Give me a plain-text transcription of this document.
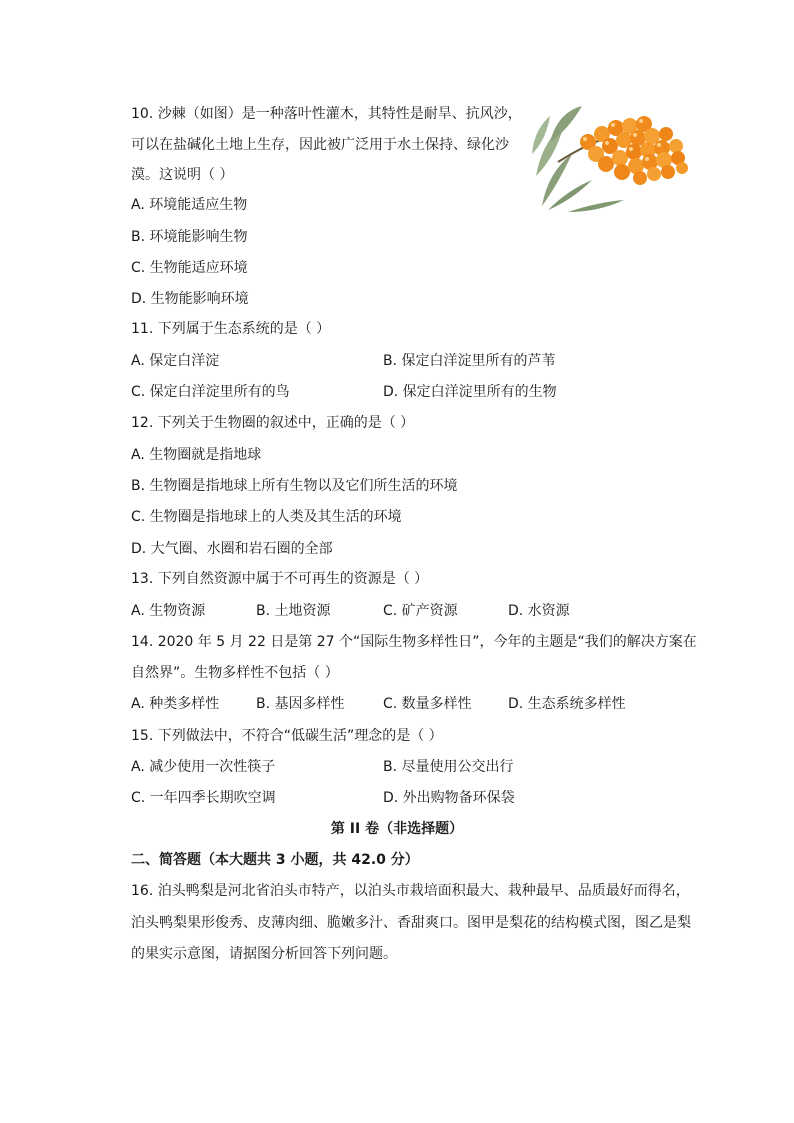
10. 沙棘（如图）是一种落叶性灌木，其特性是耐旱、抗风沙，
可以在盐碱化土地上生存，因此被广泛用于水土保持、绿化沙
漠。这说明（ ）
A. 环境能适应生物
B. 环境能影响生物
C. 生物能适应环境
D. 生物能影响环境
11. 下列属于生态系统的是（ ）
A. 保定白洋淀	B. 保定白洋淀里所有的芦苇
C. 保定白洋淀里所有的鸟	D. 保定白洋淀里所有的生物
12. 下列关于生物圈的叙述中，正确的是（ ）
A. 生物圈就是指地球
B. 生物圈是指地球上所有生物以及它们所生活的环境
C. 生物圈是指地球上的人类及其生活的环境
D. 大气圈、水圈和岩石圈的全部
13. 下列自然资源中属于不可再生的资源是（ ）
A. 生物资源	B. 土地资源	C. 矿产资源	D. 水资源
14. 2020 年 5 月 22 日是第 27 个“国际生物多样性日”，今年的主题是“我们的解决方案在
自然界”。生物多样性不包括（ ）
A. 种类多样性	B. 基因多样性	C. 数量多样性	D. 生态系统多样性
15. 下列做法中，不符合“低碳生活”理念的是（ ）
A. 减少使用一次性筷子	B. 尽量使用公交出行
C. 一年四季长期吹空调	D. 外出购物备环保袋
第 II 卷（非选择题）
二、简答题（本大题共 3 小题，共 42.0 分）
16. 泊头鸭梨是河北省泊头市特产，以泊头市栽培面积最大、栽种最早、品质最好而得名，
泊头鸭梨果形俊秀、皮薄肉细、脆嫩多汁、香甜爽口。图甲是梨花的结构模式图，图乙是梨
的果实示意图，请据图分析回答下列问题。
